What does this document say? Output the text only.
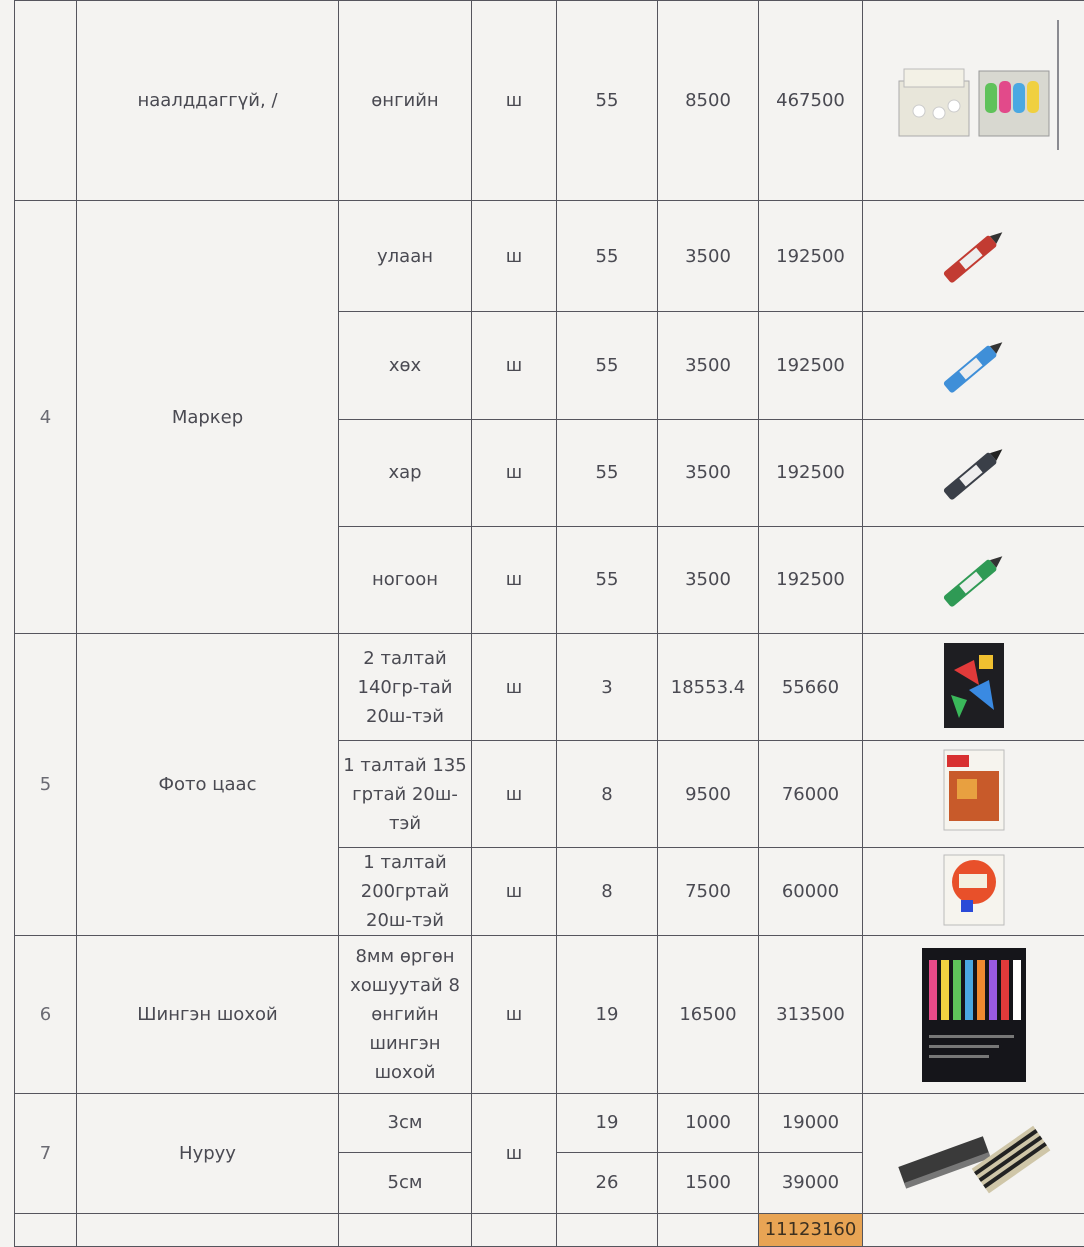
	наалддаггүй, /	өнгийн	ш	55	8500	467500	

4	Маркер	улаан	ш	55	3500	192500	

		хөх	ш	55	3500	192500	

		хар	ш	55	3500	192500	

		ногоон	ш	55	3500	192500	

5	Фото цаас	2 талтай
140гр-тай
20ш-тэй	ш	3	18553.4	55660	

		1 талтай 135
гртай 20ш-
тэй	ш	8	9500	76000	

		1 талтай
200гртай
20ш-тэй	ш	8	7500	60000	

6	Шингэн шохой	8мм өргөн
хошуутай 8
өнгийн
шингэн
шохой	ш	19	16500	313500	

7	Нуруу	3см	ш	19	1000	19000	

		5см		26	1500	39000	
						11123160	
